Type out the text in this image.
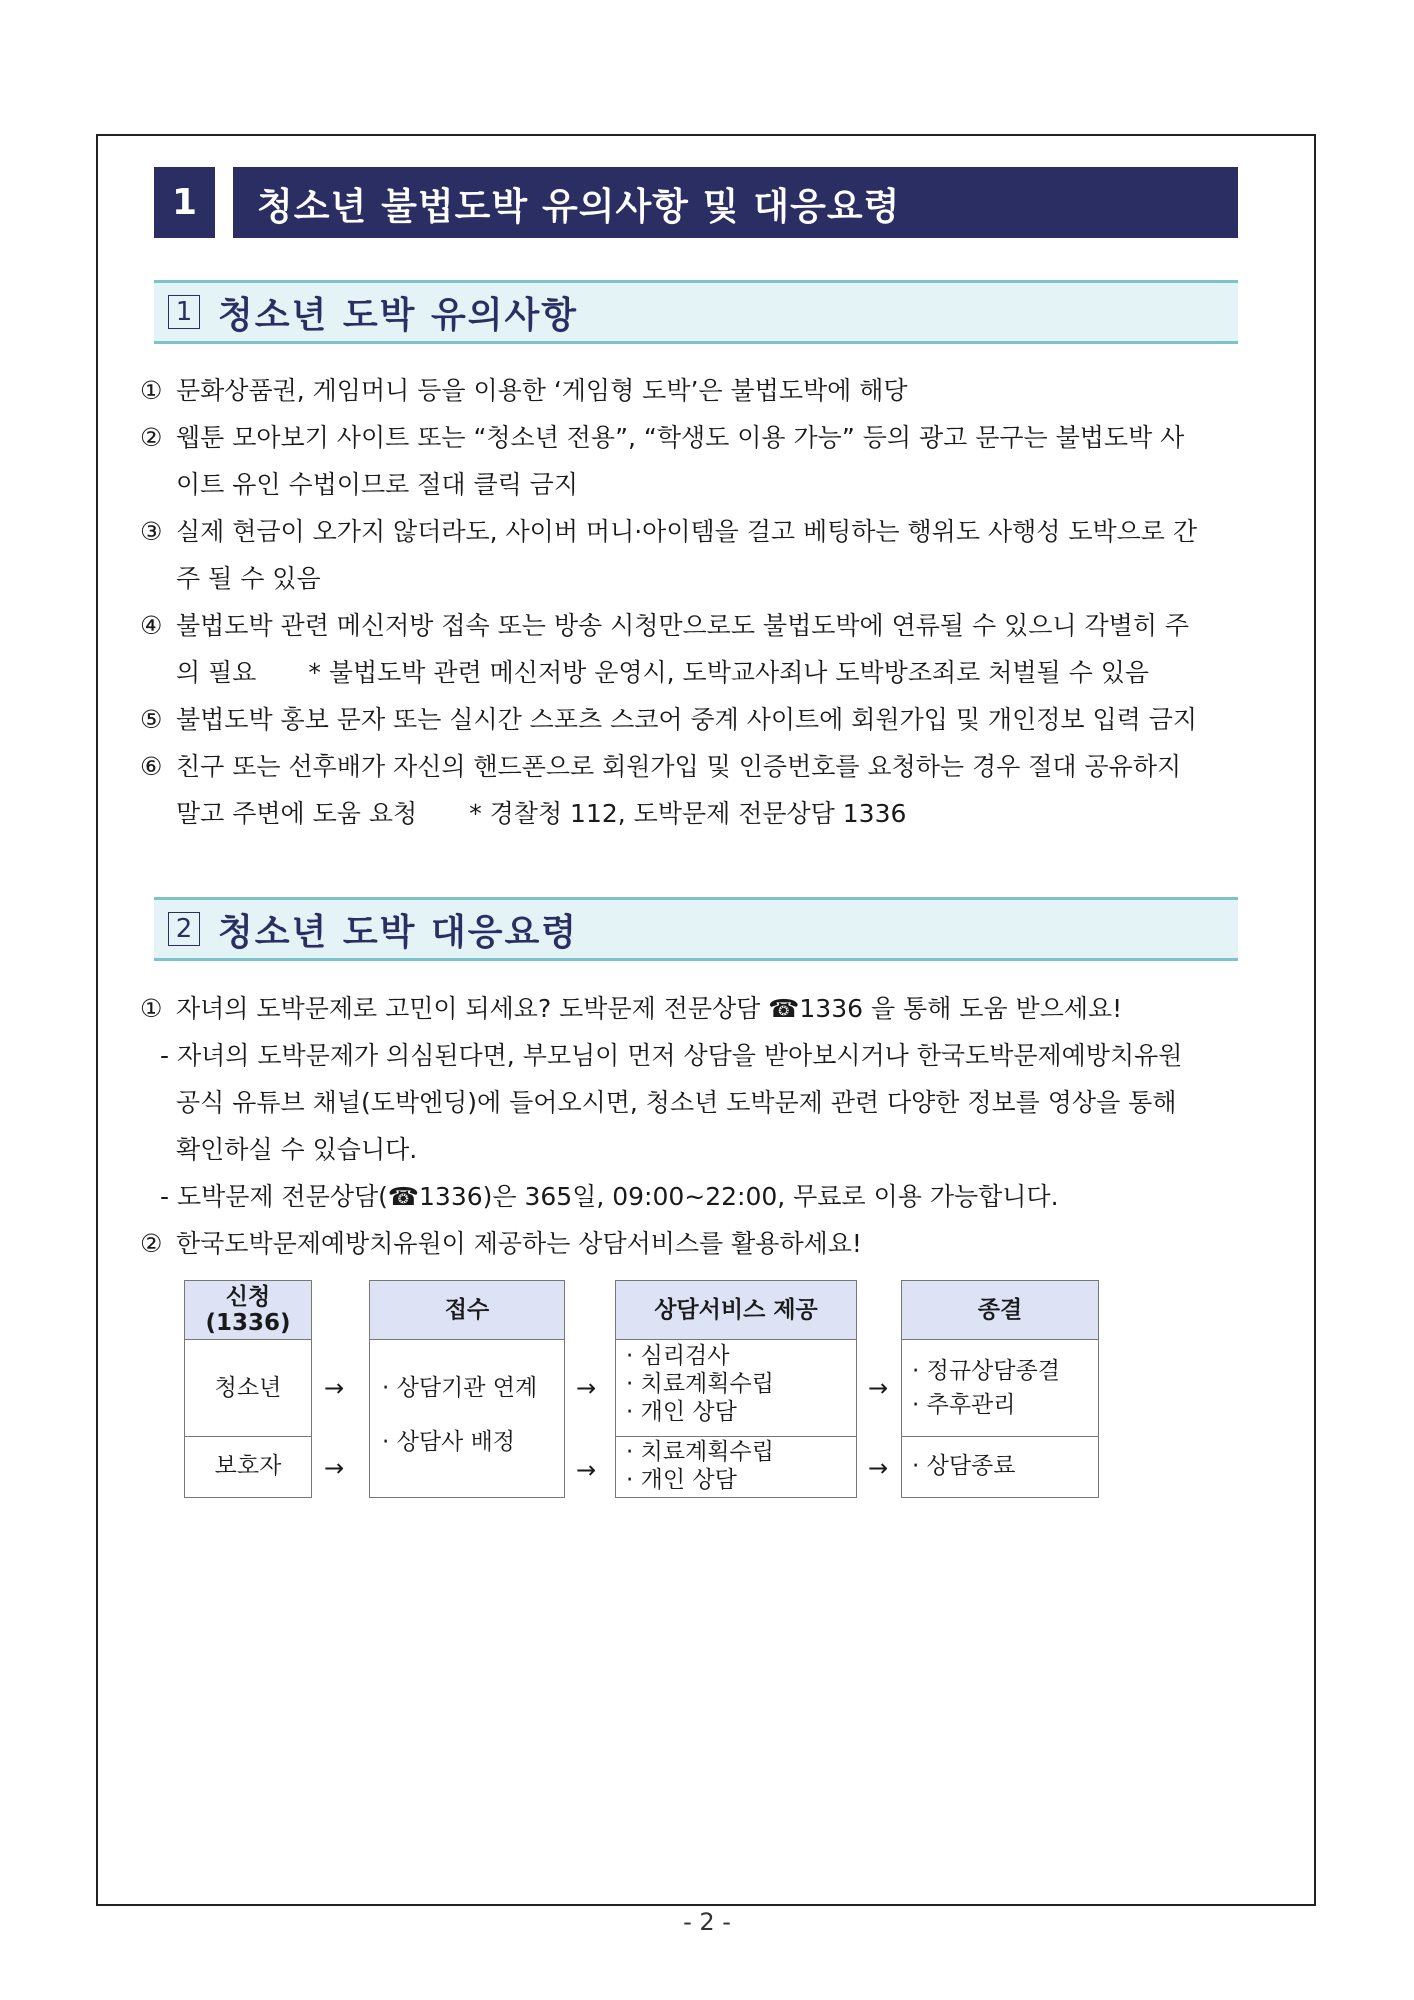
1	청소년 불법도박 유의사항 및 대응요령
1 청소년 도박 유의사항
① 문화상품권, 게임머니 등을 이용한 ‘게임형 도박’은 불법도박에 해당
② 웹툰 모아보기 사이트 또는 “청소년 전용”, “학생도 이용 가능” 등의 광고 문구는 불법도박 사
이트 유인 수법이므로 절대 클릭 금지
③ 실제 현금이 오가지 않더라도, 사이버 머니·아이템을 걸고 베팅하는 행위도 사행성 도박으로 간
주 될 수 있음
④ 불법도박 관련 메신저방 접속 또는 방송 시청만으로도 불법도박에 연류될 수 있으니 각별히 주
의 필요 * 불법도박 관련 메신저방 운영시, 도박교사죄나 도박방조죄로 처벌될 수 있음
⑤ 불법도박 홍보 문자 또는 실시간 스포츠 스코어 중계 사이트에 회원가입 및 개인정보 입력 금지
⑥ 친구 또는 선후배가 자신의 핸드폰으로 회원가입 및 인증번호를 요청하는 경우 절대 공유하지
말고 주변에 도움 요청 * 경찰청 112, 도박문제 전문상담 1336
2 청소년 도박 대응요령
① 자녀의 도박문제로 고민이 되세요? 도박문제 전문상담 ☎1336 을 통해 도움 받으세요!
- 자녀의 도박문제가 의심된다면, 부모님이 먼저 상담을 받아보시거나 한국도박문제예방치유원
공식 유튜브 채널(도박엔딩)에 들어오시면, 청소년 도박문제 관련 다양한 정보를 영상을 통해
확인하실 수 있습니다.
- 도박문제 전문상담(☎1336)은 365일, 09:00~22:00, 무료로 이용 가능합니다.
② 한국도박문제예방치유원이 제공하는 상담서비스를 활용하세요!
신청
(1336)
청소년
보호자
→
→
접수
· 상담기관 연계
· 상담사 배정
→
→
상담서비스 제공
· 심리검사
· 치료계획수립
· 개인 상담
· 치료계획수립
· 개인 상담
→
→
종결
· 정규상담종결
· 추후관리
· 상담종료
- 2 -
